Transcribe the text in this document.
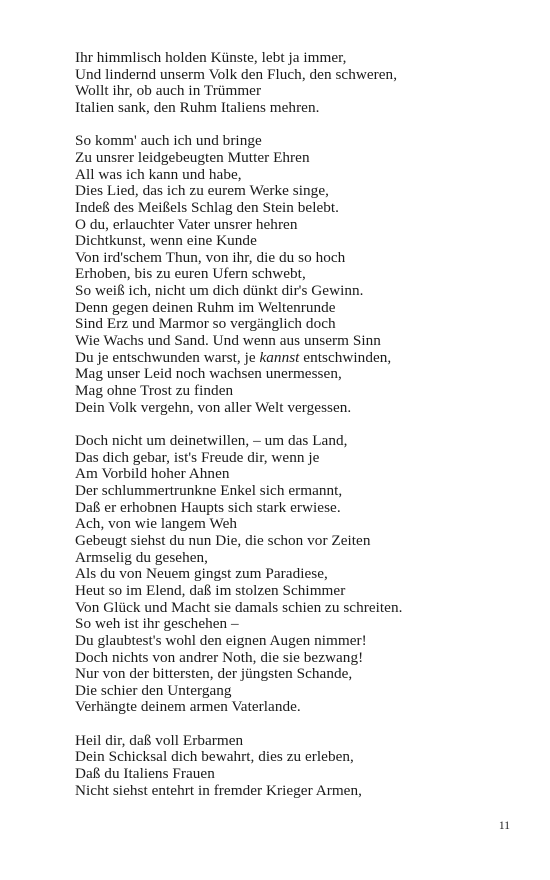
Ihr himmlisch holden Künste, lebt ja immer,
Und lindernd unserm Volk den Fluch, den schweren,
Wollt ihr, ob auch in Trümmer
Italien sank, den Ruhm Italiens mehren.
So komm' auch ich und bringe
Zu unsrer leidgebeugten Mutter Ehren
All was ich kann und habe,
Dies Lied, das ich zu eurem Werke singe,
Indeß des Meißels Schlag den Stein belebt.
O du, erlauchter Vater unsrer hehren
Dichtkunst, wenn eine Kunde
Von ird'schem Thun, von ihr, die du so hoch
Erhoben, bis zu euren Ufern schwebt,
So weiß ich, nicht um dich dünkt dir's Gewinn.
Denn gegen deinen Ruhm im Weltenrunde
Sind Erz und Marmor so vergänglich doch
Wie Wachs und Sand. Und wenn aus unserm Sinn
Du je entschwunden warst, je kannst entschwinden,
Mag unser Leid noch wachsen unermessen,
Mag ohne Trost zu finden
Dein Volk vergehn, von aller Welt vergessen.
Doch nicht um deinetwillen, – um das Land,
Das dich gebar, ist's Freude dir, wenn je
Am Vorbild hoher Ahnen
Der schlummertrunkne Enkel sich ermannt,
Daß er erhobnen Haupts sich stark erwiese.
Ach, von wie langem Weh
Gebeugt siehst du nun Die, die schon vor Zeiten
Armselig du gesehen,
Als du von Neuem gingst zum Paradiese,
Heut so im Elend, daß im stolzen Schimmer
Von Glück und Macht sie damals schien zu schreiten.
So weh ist ihr geschehen –
Du glaubtest's wohl den eignen Augen nimmer!
Doch nichts von andrer Noth, die sie bezwang!
Nur von der bittersten, der jüngsten Schande,
Die schier den Untergang
Verhängte deinem armen Vaterlande.
Heil dir, daß voll Erbarmen
Dein Schicksal dich bewahrt, dies zu erleben,
Daß du Italiens Frauen
Nicht siehst entehrt in fremder Krieger Armen,
11
